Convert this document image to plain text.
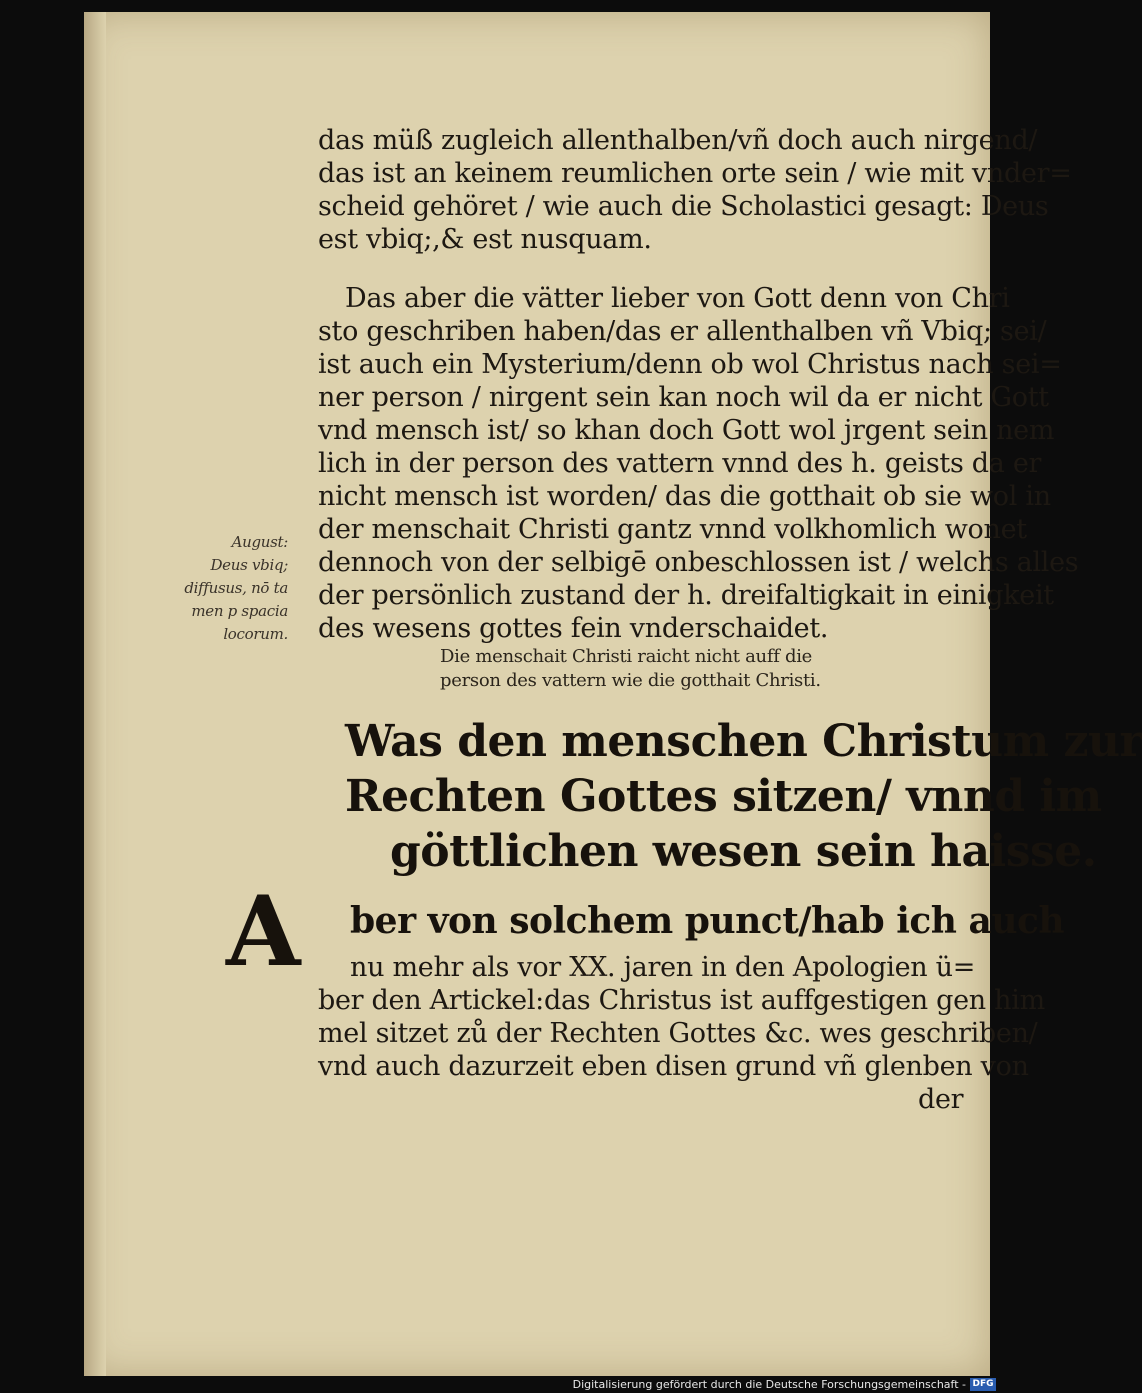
das müß zugleich allenthalben/vñ doch auch nirgend/
das ist an keinem reumlichen orte sein / wie mit vnder=
scheid gehöret / wie auch die Scholastici gesagt: Deus
est vbiq;,& est nusquam.
Das aber die vätter lieber von Gott denn von Chri
sto geschriben haben/das er allenthalben vñ Vbiq; sei/
ist auch ein Mysterium/denn ob wol Christus nach sei=
ner person / nirgent sein kan noch wil da er nicht Gott
vnd mensch ist/ so khan doch Gott wol jrgent sein nem
lich in der person des vattern vnnd des h. geists da er
nicht mensch ist worden/ das die gotthait ob sie wol in
der menschait Christi gantz vnnd volkhomlich wonet
dennoch von der selbigē onbeschlossen ist / welchs alles
der persönlich zustand der h. dreifaltigkait in einigkeit
des wesens gottes fein vnderschaidet.
August:
Deus vbiq;
diffusus, nō ta
men p spacia
locorum.
Die menschait Christi raicht nicht auff die
person des vattern wie die gotthait Christi.
Was den menschen Christum zur
Rechten Gottes sitzen/ vnnd im
göttlichen wesen sein haisse.
A ber von solchem punct/hab ich auch
nu mehr als vor XX. jaren in den Apologien ü=
ber den Artickel:das Christus ist auffgestigen gen him
mel sitzet zů der Rechten Gottes &c. wes geschriben/
vnd auch dazurzeit eben disen grund vñ glenben von
der
Digitalisierung gefördert durch die Deutsche Forschungsgemeinschaft - DFG
